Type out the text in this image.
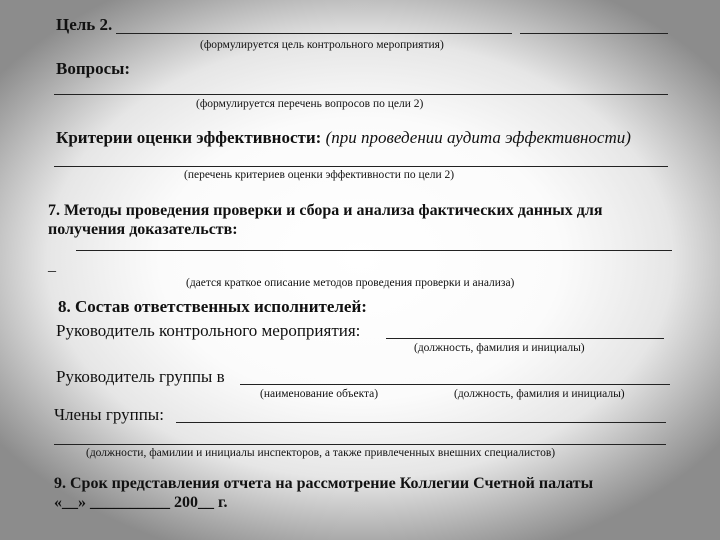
Цель 2.
(формулируется цель контрольного мероприятия)
Вопросы:
(формулируется перечень вопросов по цели 2)
Критерии оценки эффективности: (при проведении аудита эффективности)
(перечень критериев оценки эффективности по цели 2)
7. Методы проведения проверки и сбора и анализа фактических данных для
получения доказательств:
_
(дается краткое описание методов проведения проверки и анализа)
8. Состав ответственных исполнителей:
Руководитель контрольного мероприятия:
(должность, фамилия и инициалы)
Руководитель группы в
(наименование объекта)	(должность, фамилия и инициалы)
Члены группы:
(должности, фамилии и инициалы инспекторов, а также привлеченных внешних специалистов)
9. Срок представления отчета на рассмотрение Коллегии Счетной палаты
«__» __________ 200__ г.
